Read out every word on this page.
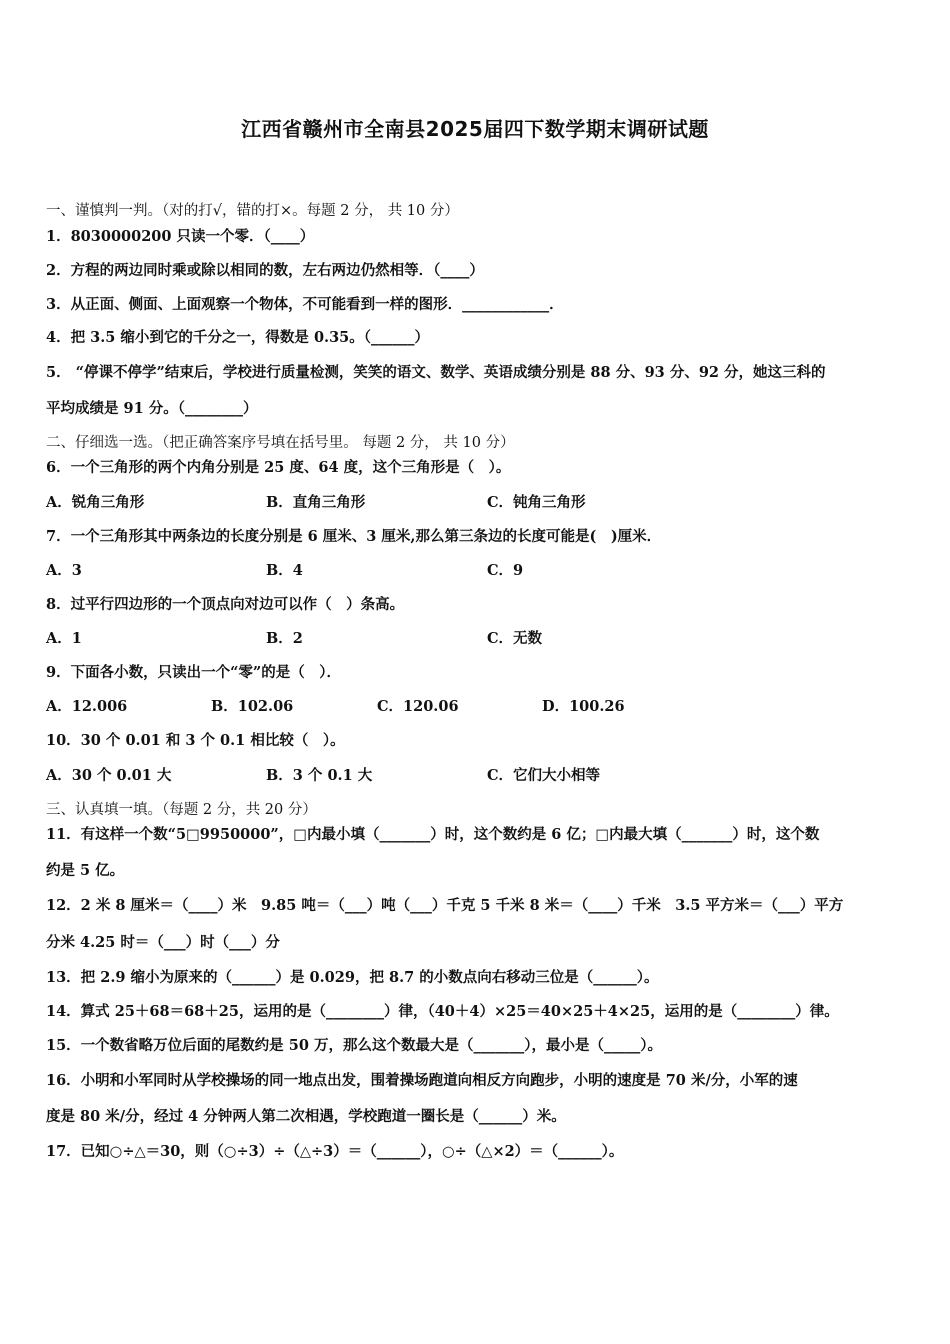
江西省赣州市全南县2025届四下数学期末调研试题
一、谨慎判一判。（对的打√，错的打×。每题 2 分， 共 10 分）
1．8030000200 只读一个零．（____）
2．方程的两边同时乘或除以相同的数，左右两边仍然相等．（____）
3．从正面、侧面、上面观察一个物体，不可能看到一样的图形．____________．
4．把 3.5 缩小到它的千分之一，得数是 0.35。（______）
5． “停课不停学”结束后，学校进行质量检测，笑笑的语文、数学、英语成绩分别是 88 分、93 分、92 分，她这三科的
平均成绩是 91 分。（________）
二、仔细选一选。（把正确答案序号填在括号里。 每题 2 分， 共 10 分）
6．一个三角形的两个内角分别是 25 度、64 度，这个三角形是（　）。
A．锐角三角形	B．直角三角形	C．钝角三角形
7．一个三角形其中两条边的长度分别是 6 厘米、3 厘米,那么第三条边的长度可能是(　)厘米．
A．3	B．4	C．9
8．过平行四边形的一个顶点向对边可以作（　）条高。
A．1	B．2	C．无数
9．下面各小数，只读出一个“零”的是（　）．
A．12.006	B．102.06	C．120.06	D．100.26
10．30 个 0.01 和 3 个 0.1 相比较（　）。
A．30 个 0.01 大	B．3 个 0.1 大	C．它们大小相等
三、认真填一填。（每题 2 分，共 20 分）
11．有这样一个数“5□9950000”，□内最小填（_______）时，这个数约是 6 亿；□内最大填（_______）时，这个数
约是 5 亿。
12．2 米 8 厘米＝（____）米　9.85 吨＝（___）吨（___）千克 5 千米 8 米＝（____）千米　3.5 平方米＝（___）平方
分米 4.25 时＝（___）时（___）分
13．把 2.9 缩小为原来的（______）是 0.029，把 8.7 的小数点向右移动三位是（______）。
14．算式 25＋68＝68＋25，运用的是（________）律，（40＋4）×25＝40×25＋4×25，运用的是（________）律。
15．一个数省略万位后面的尾数约是 50 万，那么这个数最大是（_______），最小是（_____）。
16．小明和小军同时从学校操场的同一地点出发，围着操场跑道向相反方向跑步，小明的速度是 70 米/分，小军的速
度是 80 米/分，经过 4 分钟两人第二次相遇，学校跑道一圈长是（______）米。
17．已知○÷△＝30，则（○÷3）÷（△÷3）＝（______），○÷（△×2）＝（______）。
